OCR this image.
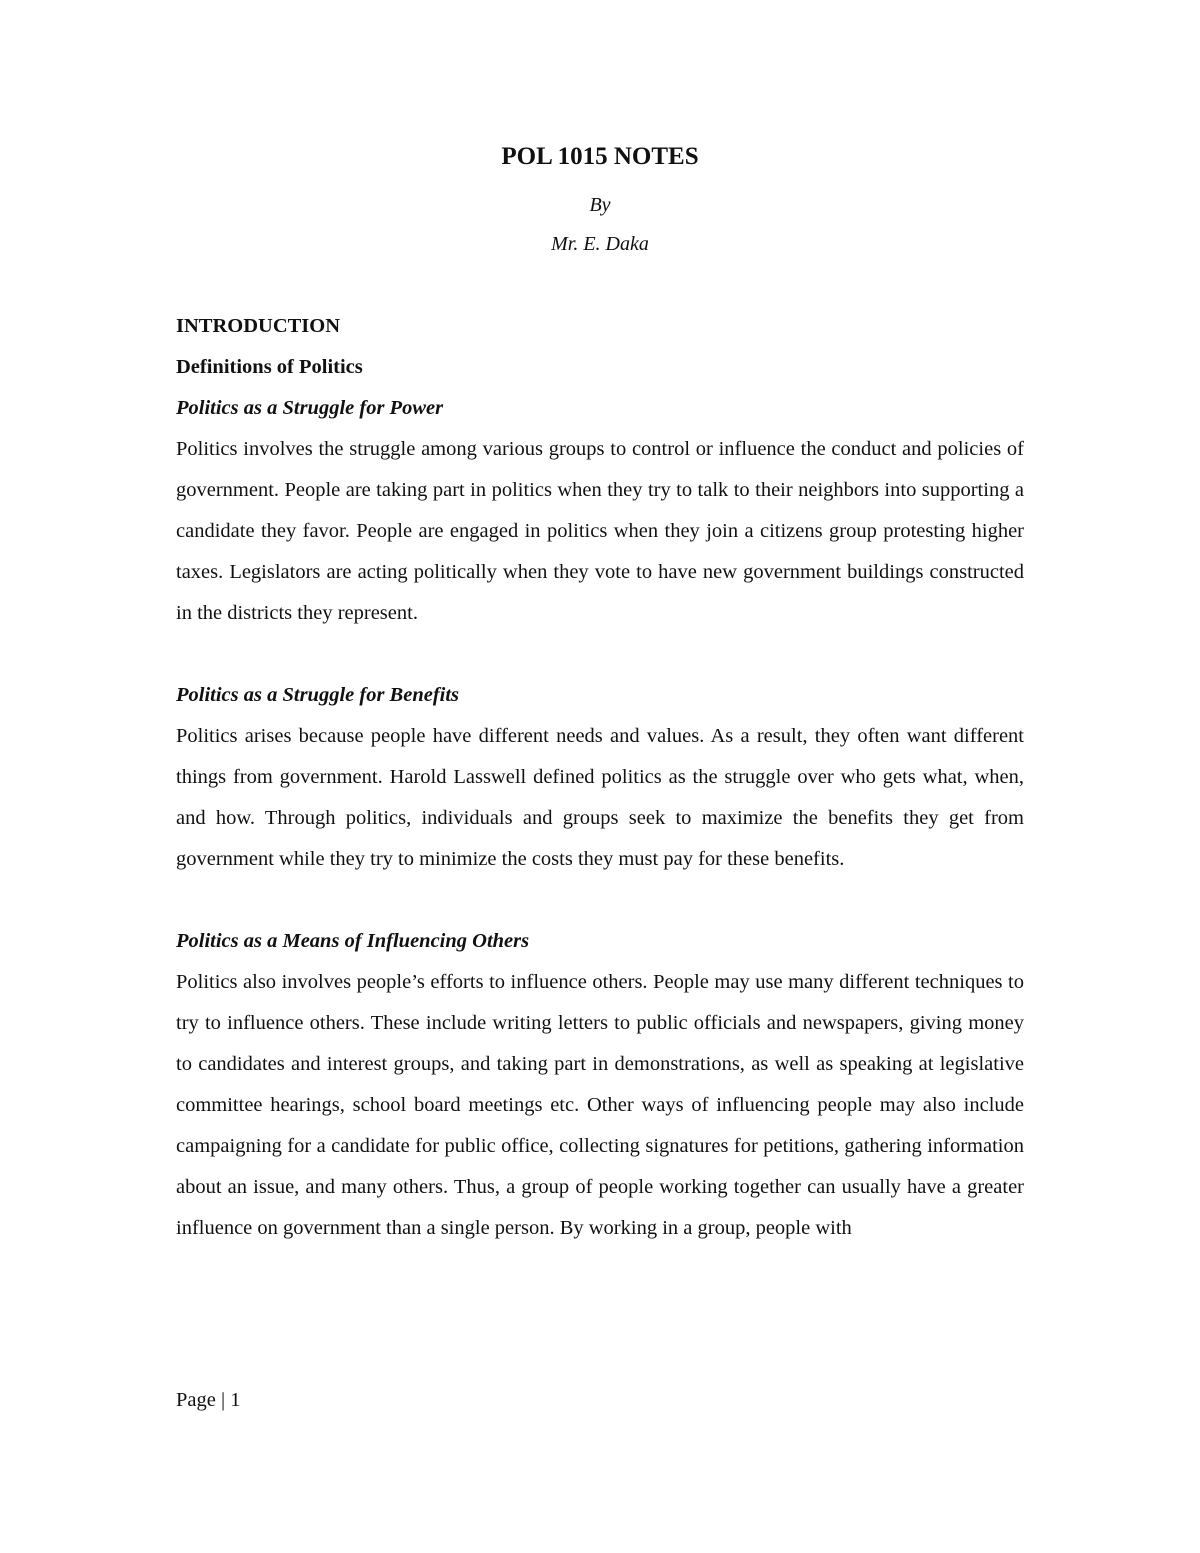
POL 1015 NOTES
By
Mr. E. Daka
INTRODUCTION
Definitions of Politics
Politics as a Struggle for Power

Politics involves the struggle among various groups to control or influence the conduct and policies of government. People are taking part in politics when they try to talk to their neighbors into supporting a candidate they favor. People are engaged in politics when they join a citizens group protesting higher taxes. Legislators are acting politically when they vote to have new government buildings constructed in the districts they represent.

Politics as a Struggle for Benefits

Politics arises because people have different needs and values. As a result, they often want different things from government. Harold Lasswell defined politics as the struggle over who gets what, when, and how. Through politics, individuals and groups seek to maximize the benefits they get from government while they try to minimize the costs they must pay for these benefits.

Politics as a Means of Influencing Others

Politics also involves people’s efforts to influence others. People may use many different techniques to try to influence others. These include writing letters to public officials and newspapers, giving money to candidates and interest groups, and taking part in demonstrations, as well as speaking at legislative committee hearings, school board meetings etc. Other ways of influencing people may also include campaigning for a candidate for public office, collecting signatures for petitions, gathering information about an issue, and many others. Thus, a group of people working together can usually have a greater influence on government than a single person. By working in a group, people with

Page | 1
